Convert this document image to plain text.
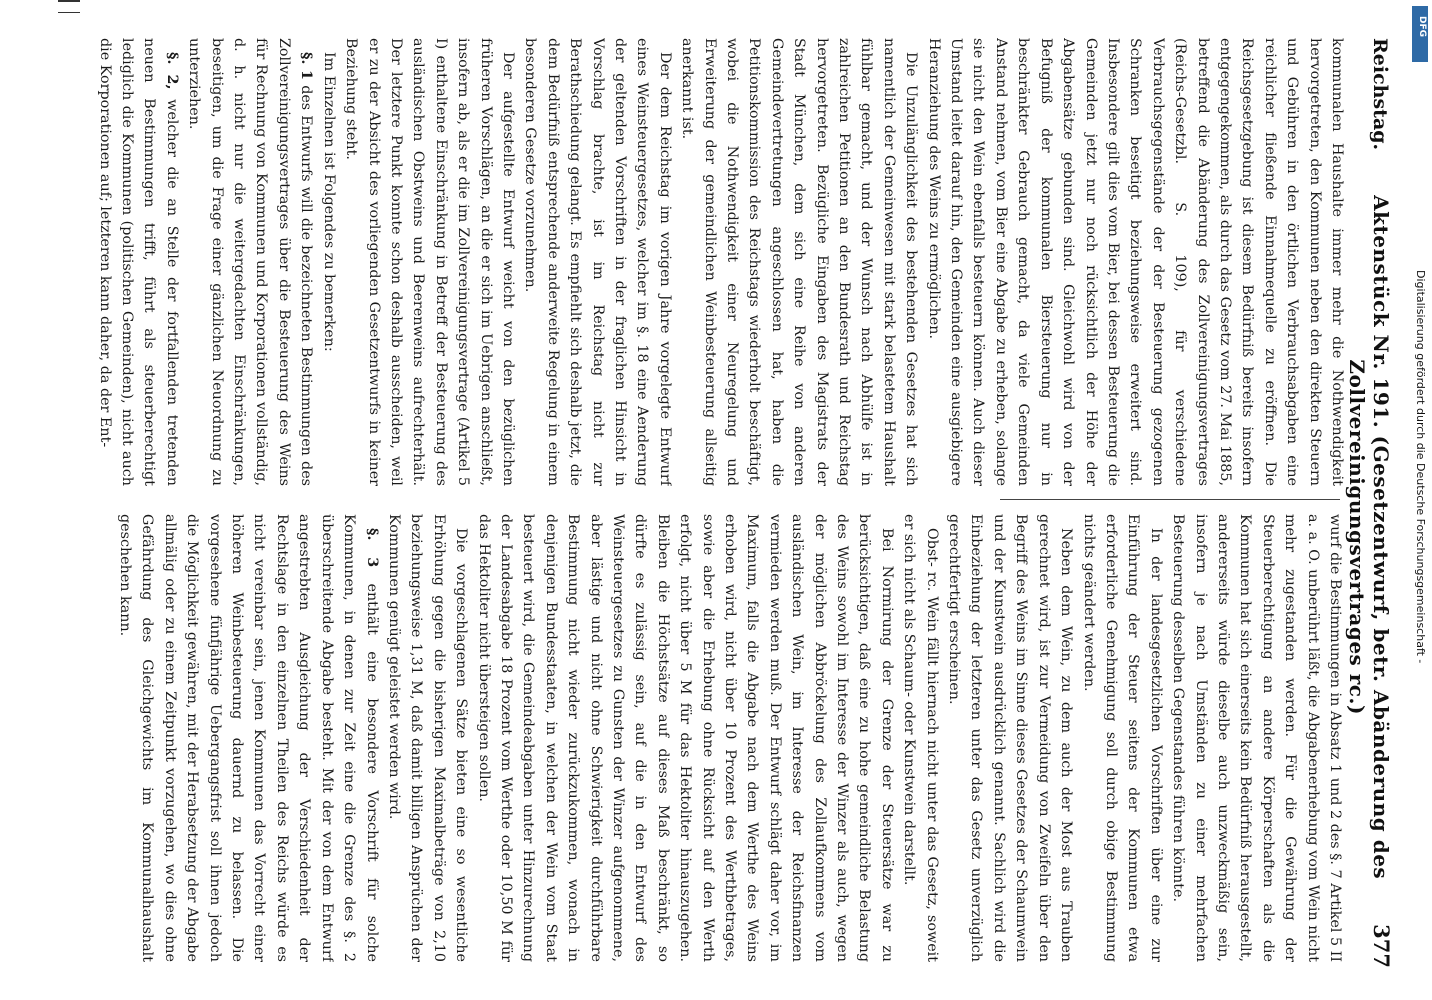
Reichstag.
Aktenstück Nr. 191. (Gesetzentwurf, betr. Abänderung des Zollvereinigungsvertrages rc.)
377

kommunalen Haushalte immer mehr die Nothwendigkeit hervorgetreten, den Kommunen neben den direkten Steuern und Gebühren in den örtlichen Verbrauchsabgaben eine reichlicher fließende Einnahmequelle zu eröffnen. Die Reichsgesetzgebung ist diesem Bedürfniß bereits insofern entgegengekommen, als durch das Gesetz vom 27. Mai 1885, betreffend die Abänderung des Zollvereinigungsvertrages (Reichs-Gesetzbl. S. 109), für verschiedene Verbrauchsgegenstände der der Besteuerung gezogenen Schranken beseitigt beziehungsweise erweitert sind. Insbesondere gilt dies vom Bier, bei dessen Besteuerung die Gemeinden jetzt nur noch rücksichtlich der Höhe der Abgabensätze gebunden sind. Gleichwohl wird von der Befugniß der kommunalen Biersteuerung nur in beschränkter Gebrauch gemacht, da viele Gemeinden Anstand nehmen, vom Bier eine Abgabe zu erheben, solange sie nicht den Wein ebenfalls besteuern können. Auch dieser Umstand leitet darauf hin, den Gemeinden eine ausgiebigere Heranziehung des Weins zu ermöglichen.

Die Unzulänglichkeit des bestehenden Gesetzes hat sich namentlich der Gemeinwesen mit stark belastetem Haushalt fühlbar gemacht, und der Wunsch nach Abhülfe ist in zahlreichen Petitionen an den Bundesrath und Reichstag hervorgetreten. Bezügliche Eingaben des Magistrats der Stadt München, dem sich eine Reihe von anderen Gemeindevertretungen angeschlossen hat, haben die Petitionskommission des Reichstags wiederholt beschäftigt, wobei die Nothwendigkeit einer Neuregelung und Erweiterung der gemeindlichen Weinbesteuerung allseitig anerkannt ist.

Der dem Reichstag im vorigen Jahre vorgelegte Entwurf eines Weinsteuergesetzes, welcher im §. 18 eine Aenderung der geltenden Vorschriften in der fraglichen Hinsicht in Vorschlag brachte, ist im Reichstag nicht zur Berathschiedung gelangt. Es empfiehlt sich deshalb jetzt, die dem Bedürfniß entsprechende anderweite Regelung in einem besonderen Gesetze vorzunehmen.

Der aufgestellte Entwurf weicht von den bezüglichen früheren Vorschlägen, an die er sich im Uebrigen anschließt, insofern ab, als er die im Zollvereinigungsvertrage (Artikel 5 I) enthaltene Einschränkung in Betreff der Besteuerung des ausländischen Obstweins und Beerenweins aufrechterhält. Der letztere Punkt konnte schon deshalb ausscheiden, weil er zu der Absicht des vorliegenden Gesetzentwurfs in keiner Beziehung steht.

Im Einzelnen ist Folgendes zu bemerken:

§. 1 des Entwurfs will die bezeichneten Bestimmungen des Zollvereinigungsvertrages über die Besteuerung des Weins für Rechnung von Kommunen und Korporationen vollständig, d. h. nicht nur die weitergedachten Einschränkungen, beseitigen, um die Frage einer gänzlichen Neuordnung zu unterziehen.

§. 2, welcher die an Stelle der fortfallenden tretenden neuen Bestimmungen trifft, führt als steuerberechtigt lediglich die Kommunen (politischen Gemeinden), nicht auch die Korporationen auf; letzteren kann daher, da der Ent-

wurf die Bestimmungen in Absatz 1 und 2 des §. 7 Artikel 5 II a. a. O. unberührt läßt, die Abgabenerhebung vom Wein nicht mehr zugestanden werden. Für die Gewährung der Steuerberechtigung an andere Körperschaften als die Kommunen hat sich einerseits kein Bedürfniß herausgestellt, andererseits würde dieselbe auch unzweckmäßig sein, insofern je nach Umständen zu einer mehrfachen Besteuerung desselben Gegenstandes führen könnte.

In der landesgesetzlichen Vorschriften über eine zur Einführung der Steuer seitens der Kommunen etwa erforderliche Genehmigung soll durch obige Bestimmung nichts geändert werden.

Neben dem Wein, zu dem auch der Most aus Trauben gerechnet wird, ist zur Vermeidung von Zweifeln über den Begriff des Weins im Sinne dieses Gesetzes der Schaumwein und der Kunstwein ausdrücklich genannt. Sachlich wird die Einbeziehung der letzteren unter das Gesetz unverzüglich gerechtfertigt erscheinen.

Obst- rc. Wein fällt hiernach nicht unter das Gesetz, soweit er sich nicht als Schaum- oder Kunstwein darstellt.

Bei Normirung der Grenze der Steuersätze war zu berücksichtigen, daß eine zu hohe gemeindliche Belastung des Weins sowohl im Interesse der Winzer als auch, wegen der möglichen Abbröckelung des Zollaufkommens vom ausländischen Wein, im Interesse der Reichsfinanzen vermieden werden muß. Der Entwurf schlägt daher vor, im Maximum, falls die Abgabe nach dem Werthe des Weins erhoben wird, nicht über 10 Prozent des Werthbetrages, sowie aber die Erhebung ohne Rücksicht auf den Werth erfolgt, nicht über 5 M für das Hektoliter hinauszugehen. Bleiben die Höchstsätze auf dieses Maß beschränkt, so dürfte es zulässig sein, auf die in den Entwurf des Weinsteuergesetzes zu Gunsten der Winzer aufgenommene, aber lästige und nicht ohne Schwierigkeit durchführbare Bestimmung nicht wieder zurückzukommen, wonach in denjenigen Bundesstaaten, in welchen der Wein vom Staat besteuert wird, die Gemeindeabgaben unter Hinzurechnung der Landesabgabe 18 Prozent vom Werthe oder 10,50 M für das Hektoliter nicht übersteigen sollen.

Die vorgeschlagenen Sätze bieten eine so wesentliche Erhöhung gegen die bisherigen Maximalbeträge von 2,10 beziehungsweise 1,31 M, daß damit billigen Ansprüchen der Kommunen genügt geleistet werden wird.

§. 3 enthält eine besondere Vorschrift für solche Kommunen, in denen zur Zeit eine die Grenze des §. 2 überschreitende Abgabe besteht. Mit der von dem Entwurf angestrebten Ausgleichung der Verschiedenheit der Rechtslage in den einzelnen Theilen des Reichs würde es nicht vereinbar sein, jenen Kommunen das Vorrecht einer höheren Weinbesteuerung dauernd zu belassen. Die vorgesehene fünfjährige Uebergangsfrist soll ihnen jedoch die Möglichkeit gewähren, mit der Herabsetzung der Abgabe allmälig oder zu einem Zeitpunkt vorzugehen, wo dies ohne Gefährdung des Gleichgewichts im Kommunalhaushalt geschehen kann.	Digitalisierung gefördert durch die Deutsche Forschungsgemeinschaft -
DFG
